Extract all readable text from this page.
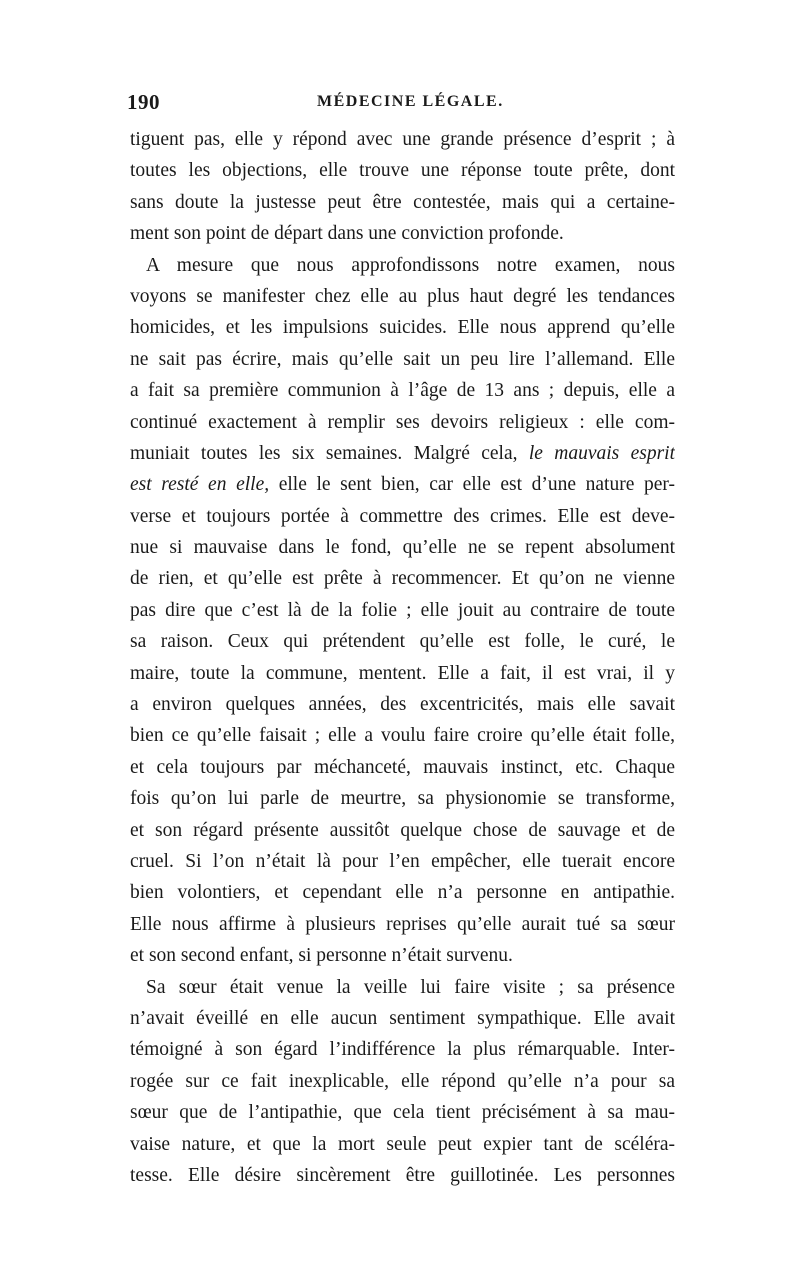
190	MÉDECINE LÉGALE.
tiguent pas, elle y répond avec une grande présence d’esprit ; à
toutes les objections, elle trouve une réponse toute prête, dont
sans doute la justesse peut être contestée, mais qui a certaine-
ment son point de départ dans une conviction profonde.
A mesure que nous approfondissons notre examen, nous
voyons se manifester chez elle au plus haut degré les tendances
homicides, et les impulsions suicides. Elle nous apprend qu’elle
ne sait pas écrire, mais qu’elle sait un peu lire l’allemand. Elle
a fait sa première communion à l’âge de 13 ans ; depuis, elle a
continué exactement à remplir ses devoirs religieux : elle com-
muniait toutes les six semaines. Malgré cela, le mauvais esprit
est resté en elle, elle le sent bien, car elle est d’une nature per-
verse et toujours portée à commettre des crimes. Elle est deve-
nue si mauvaise dans le fond, qu’elle ne se repent absolument
de rien, et qu’elle est prête à recommencer. Et qu’on ne vienne
pas dire que c’est là de la folie ; elle jouit au contraire de toute
sa raison. Ceux qui prétendent qu’elle est folle, le curé, le
maire, toute la commune, mentent. Elle a fait, il est vrai, il y
a environ quelques années, des excentricités, mais elle savait
bien ce qu’elle faisait ; elle a voulu faire croire qu’elle était folle,
et cela toujours par méchanceté, mauvais instinct, etc. Chaque
fois qu’on lui parle de meurtre, sa physionomie se transforme,
et son régard présente aussitôt quelque chose de sauvage et de
cruel. Si l’on n’était là pour l’en empêcher, elle tuerait encore
bien volontiers, et cependant elle n’a personne en antipathie.
Elle nous affirme à plusieurs reprises qu’elle aurait tué sa sœur
et son second enfant, si personne n’était survenu.
Sa sœur était venue la veille lui faire visite ; sa présence
n’avait éveillé en elle aucun sentiment sympathique. Elle avait
témoigné à son égard l’indifférence la plus rémarquable. Inter-
rogée sur ce fait inexplicable, elle répond qu’elle n’a pour sa
sœur que de l’antipathie, que cela tient précisément à sa mau-
vaise nature, et que la mort seule peut expier tant de scéléra-
tesse. Elle désire sincèrement être guillotinée. Les personnes
